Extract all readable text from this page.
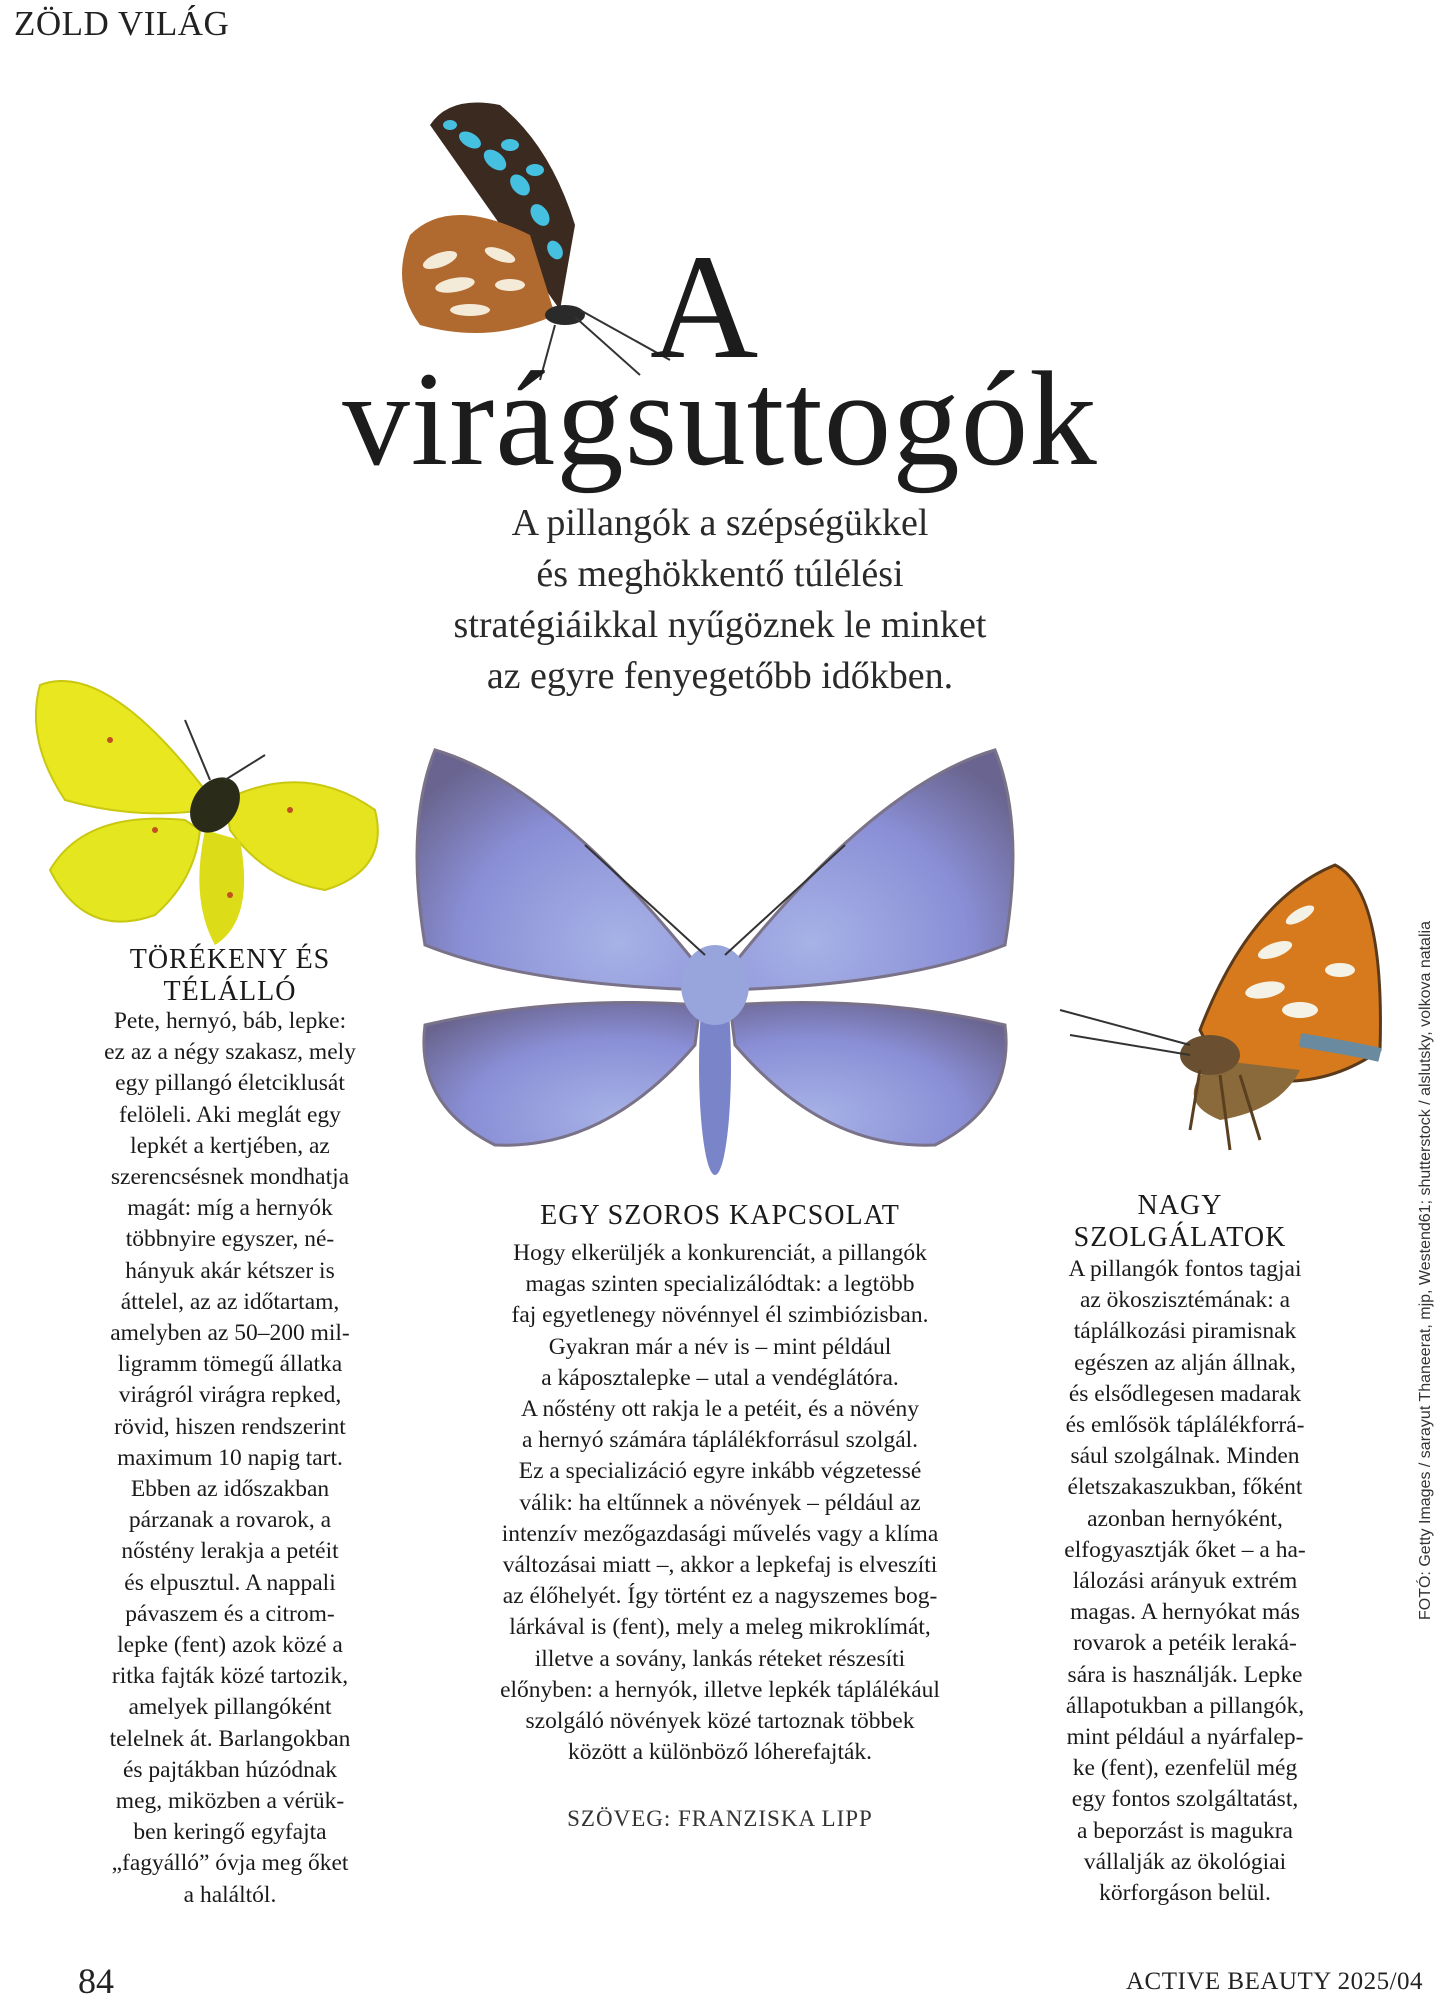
ZÖLD VILÁG
A
virágsuttogók
A pillangók a szépségükkel
és meghökkentő túlélési
stratégiáikkal nyűgöznek le minket
az egyre fenyegetőbb időkben.
TÖRÉKENY ÉS
TÉLÁLLÓ
Pete, hernyó, báb, lepke:
ez az a négy szakasz, mely
egy pillangó életciklusát
felöleli. Aki meglát egy
lepkét a kertjében, az
szerencsésnek mondhatja
magát: míg a hernyók
többnyire egyszer, né-
hányuk akár kétszer is
áttelel, az az időtartam,
amelyben az 50–200 mil-
ligramm tömegű állatka
virágról virágra repked,
rövid, hiszen rendszerint
maximum 10 napig tart.
Ebben az időszakban
párzanak a rovarok, a
nőstény lerakja a petéit
és elpusztul. A nappali
pávaszem és a citrom-
lepke (fent) azok közé a
ritka fajták közé tartozik,
amelyek pillangóként
telelnek át. Barlangokban
és pajtákban húzódnak
meg, miközben a vérük-
ben keringő egyfajta
„fagyálló” óvja meg őket
a haláltól.
EGY SZOROS KAPCSOLAT
Hogy elkerüljék a konkurenciát, a pillangók
magas szinten specializálódtak: a legtöbb
faj egyetlenegy növénnyel él szimbiózisban.
Gyakran már a név is – mint például
a káposztalepke – utal a vendéglátóra.
A nőstény ott rakja le a petéit, és a növény
a hernyó számára táplálékforrásul szolgál.
Ez a specializáció egyre inkább végzetessé
válik: ha eltűnnek a növények – például az
intenzív mezőgazdasági művelés vagy a klíma
változásai miatt –, akkor a lepkefaj is elveszíti
az élőhelyét. Így történt ez a nagyszemes bog-
lárkával is (fent), mely a meleg mikroklímát,
illetve a sovány, lankás réteket részesíti
előnyben: a hernyók, illetve lepkék táplálékául
szolgáló növények közé tartoznak többek
között a különböző lóherefajták.
SZÖVEG: FRANZISKA LIPP
NAGY
SZOLGÁLATOK
A pillangók fontos tagjai
az ökoszisztémának: a
táplálkozási piramisnak
egészen az alján állnak,
és elsődlegesen madarak
és emlősök táplálékforrá-
sául szolgálnak. Minden
életszakaszukban, főként
azonban hernyóként,
elfogyasztják őket – a ha-
lálozási arányuk extrém
magas. A hernyókat más
rovarok a petéik leraká-
sára is használják. Lepke
állapotukban a pillangók,
mint például a nyárfalep-
ke (fent), ezenfelül még
egy fontos szolgáltatást,
a beporzást is magukra
vállalják az ökológiai
körforgáson belül.
FOTÓ: Getty Images / sarayut Thaneerat, mjp, Westend61; shutterstock / alslutsky, volkova natalia
84	ACTIVE BEAUTY 2025/04
